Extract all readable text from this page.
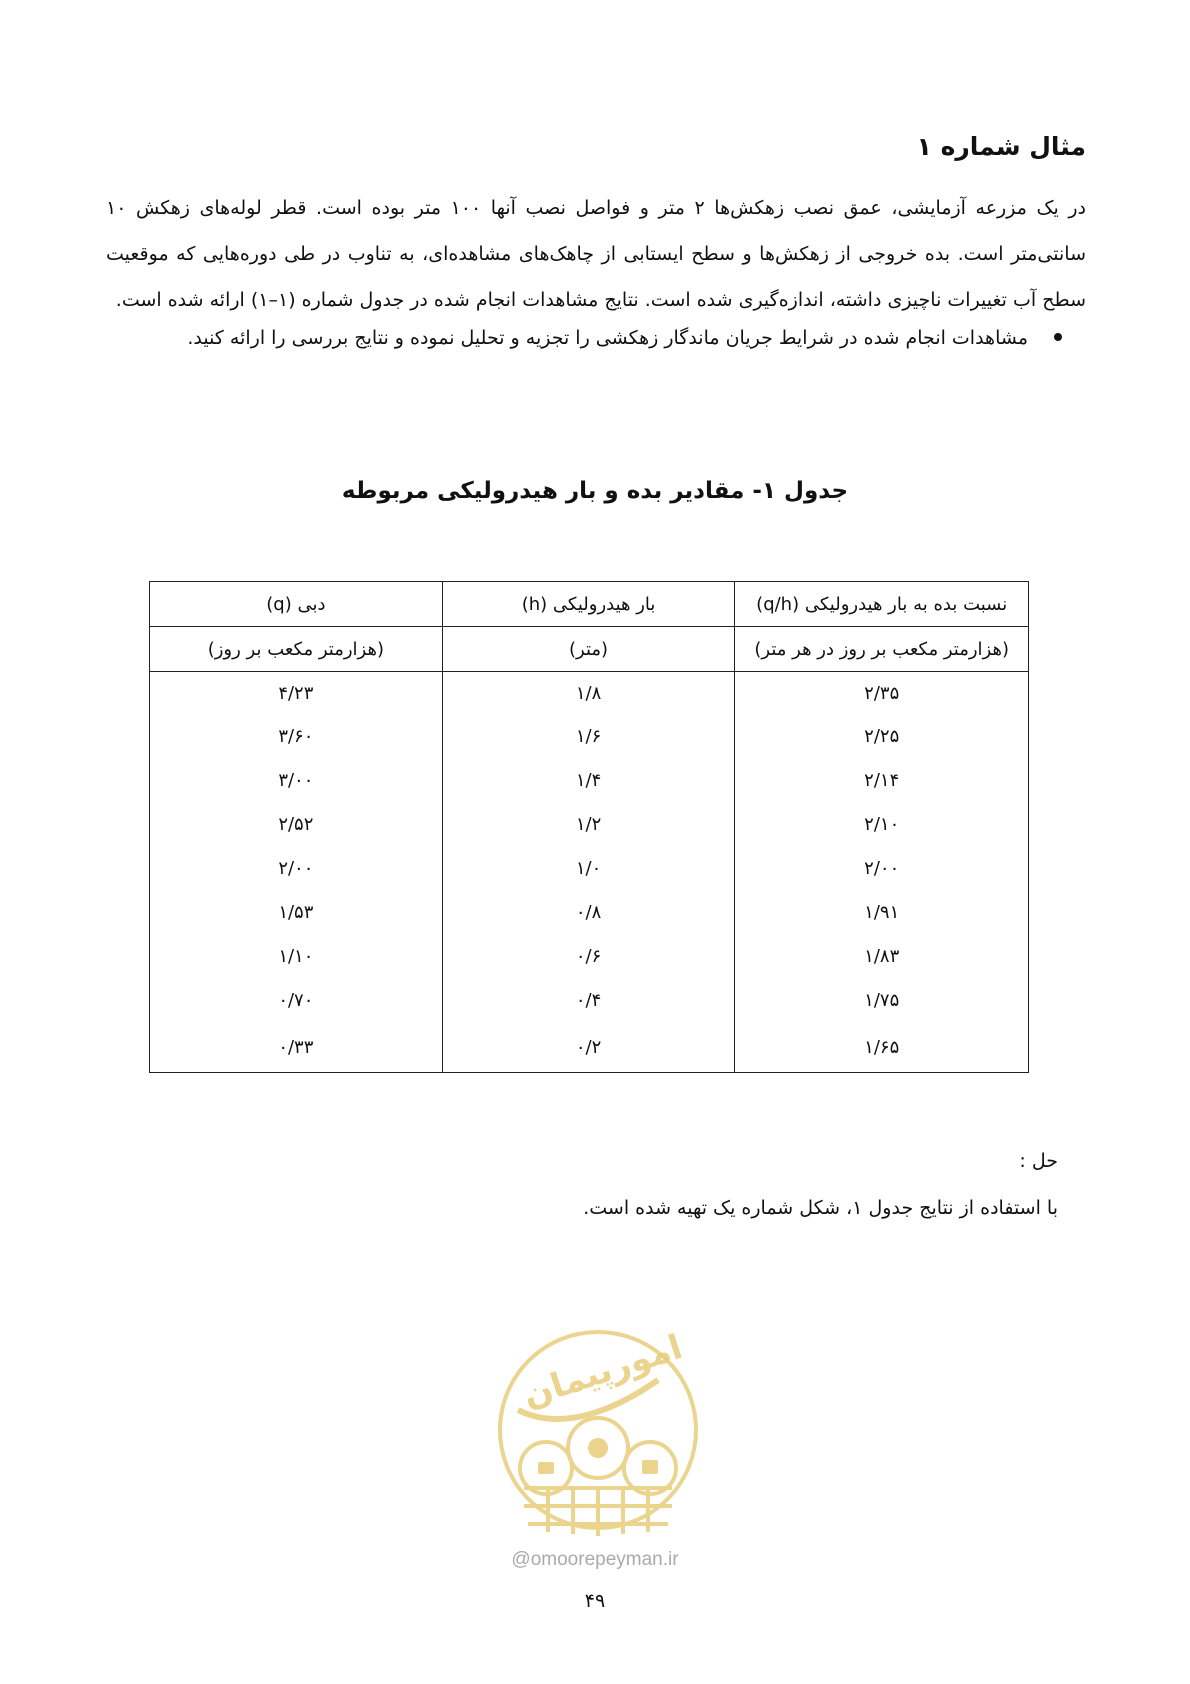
مثال شماره ۱

در یک مزرعه آزمایشی، عمق نصب زهکش‌ها ۲ متر و فواصل نصب آنها ۱۰۰ متر بوده است. قطر لوله‌های زهکش ۱۰ سانتی‌متر است. بده خروجی از زهکش‌ها و سطح ایستابی از چاهک‌های مشاهده‌ای، به تناوب در طی دوره‌هایی که موقعیت سطح آب تغییرات ناچیزی داشته، اندازه‌گیری شده است. نتایج مشاهدات انجام شده در جدول شماره (۱–۱) ارائه شده است.

مشاهدات انجام شده در شرایط جریان ماندگار زهکشی را تجزیه و تحلیل نموده و نتایج بررسی را ارائه کنید.
جدول ۱- مقادیر بده و بار هیدرولیکی مربوطه
نسبت بده به بار هیدرولیکی (q/h)	بار هیدرولیکی (h)	دبی (q)
(هزارمتر مکعب بر روز در هر متر)	(متر)	(هزارمتر مکعب بر روز)
۲/۳۵	۱/۸	۴/۲۳
۲/۲۵	۱/۶	۳/۶۰
۲/۱۴	۱/۴	۳/۰۰
۲/۱۰	۱/۲	۲/۵۲
۲/۰۰	۱/۰	۲/۰۰
۱/۹۱	۰/۸	۱/۵۳
۱/۸۳	۰/۶	۱/۱۰
۱/۷۵	۰/۴	۰/۷۰
۱/۶۵	۰/۲	۰/۳۳

حل :

با استفاده از نتایج جدول ۱، شکل شماره یک تهیه شده است.

امورپیمان
@omoorepeyman.ir
۴۹
